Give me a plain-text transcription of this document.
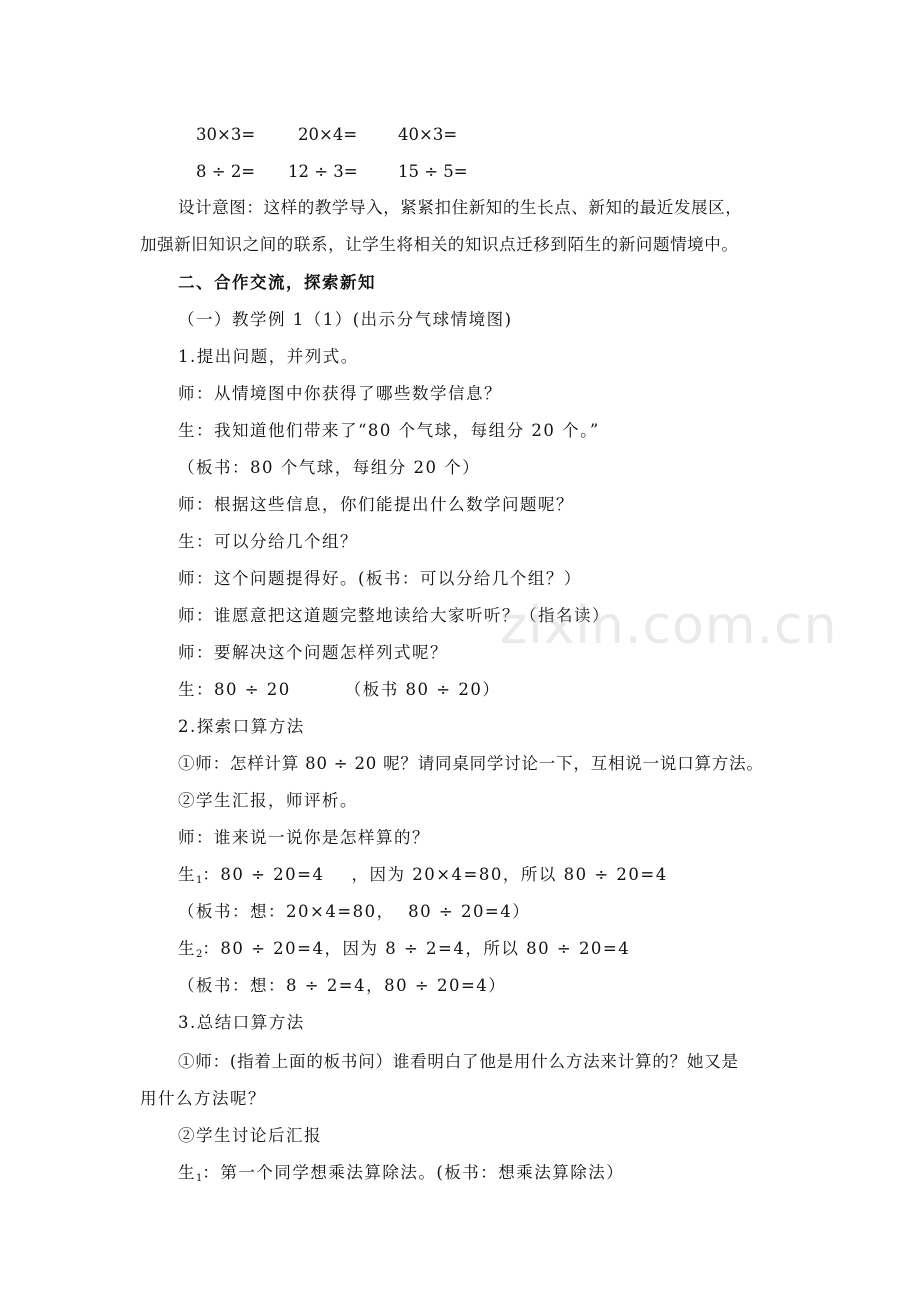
30×3=	20×4= 40×3=
8 ÷ 2= 12 ÷ 3= 15 ÷ 5=
设计意图：这样的教学导入，紧紧扣住新知的生长点、新知的最近发展区，
加强新旧知识之间的联系，让学生将相关的知识点迁移到陌生的新问题情境中。
二、合作交流，探索新知
（一）教学例 1（1）(出示分气球情境图)
1.提出问题，并列式。
师：从情境图中你获得了哪些数学信息？
生：我知道他们带来了“80 个气球，每组分 20 个。”
（板书：80 个气球，每组分 20 个）
师：根据这些信息，你们能提出什么数学问题呢？
生：可以分给几个组？
师：这个问题提得好。(板书：可以分给几个组？）
师：谁愿意把这道题完整地读给大家听听？（指名读）
师：要解决这个问题怎样列式呢？
生：80 ÷ 20        （板书 80 ÷ 20）
2.探索口算方法
①师：怎样计算 80 ÷ 20 呢？请同桌同学讨论一下，互相说一说口算方法。
②学生汇报，师评析。
师：谁来说一说你是怎样算的？
生$_1$：80 ÷ 20=4    ，因为 20×4=80，所以 80 ÷ 20=4
（板书：想：20×4=80，  80 ÷ 20=4）
生$_2$：80 ÷ 20=4，因为 8 ÷ 2=4，所以 80 ÷ 20=4
（板书：想：8 ÷ 2=4，80 ÷ 20=4）
3.总结口算方法
①师：(指着上面的板书问）谁看明白了他是用什么方法来计算的？她又是
用什么方法呢？
②学生讨论后汇报
生$_1$：第一个同学想乘法算除法。(板书：想乘法算除法）
zixin.com.cn
